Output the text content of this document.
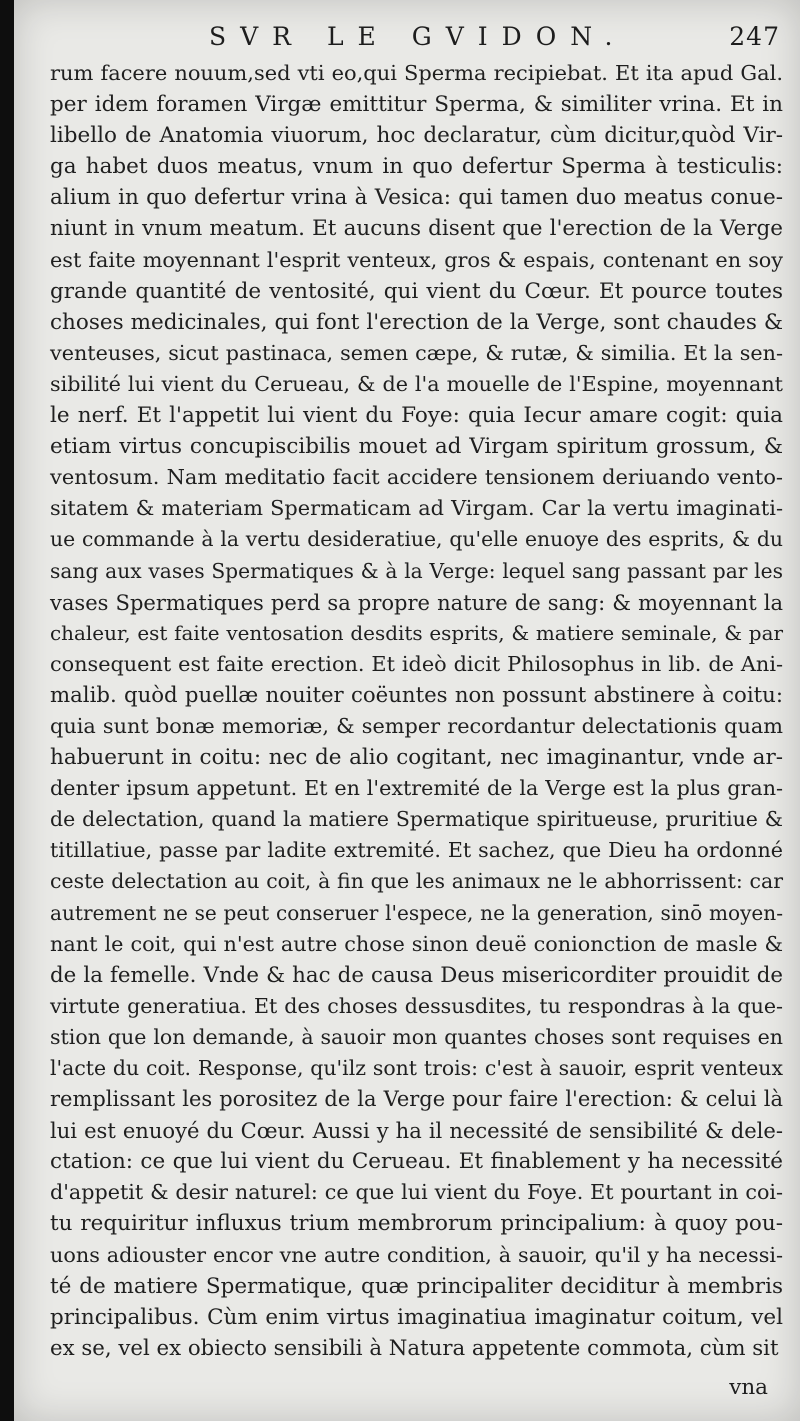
SVR LE GVIDON.	247
rum facere nouum,sed vti eo,qui Sperma recipiebat. Et ita apud Gal.
per idem foramen Virgæ emittitur Sperma, & similiter vrina. Et in
libello de Anatomia viuorum, hoc declaratur, cùm dicitur,quòd Vir-
ga habet duos meatus, vnum in quo defertur Sperma à testiculis:
alium in quo defertur vrina à Vesica: qui tamen duo meatus conue-
niunt in vnum meatum. Et aucuns disent que l'erection de la Verge
est faite moyennant l'esprit venteux, gros & espais, contenant en soy
grande quantité de ventosité, qui vient du Cœur. Et pource toutes
choses medicinales, qui font l'erection de la Verge, sont chaudes &
venteuses, sicut pastinaca, semen cæpe, & rutæ, & similia. Et la sen-
sibilité lui vient du Cerueau, & de l'a mouelle de l'Espine, moyennant
le nerf. Et l'appetit lui vient du Foye: quia Iecur amare cogit: quia
etiam virtus concupiscibilis mouet ad Virgam spiritum grossum, &
ventosum. Nam meditatio facit accidere tensionem deriuando vento-
sitatem & materiam Spermaticam ad Virgam. Car la vertu imaginati-
ue commande à la vertu desideratiue, qu'elle enuoye des esprits, & du
sang aux vases Spermatiques & à la Verge: lequel sang passant par les
vases Spermatiques perd sa propre nature de sang: & moyennant la
chaleur, est faite ventosation desdits esprits, & matiere seminale, & par
consequent est faite erection. Et ideò dicit Philosophus in lib. de Ani-
malib. quòd puellæ nouiter coëuntes non possunt abstinere à coitu:
quia sunt bonæ memoriæ, & semper recordantur delectationis quam
habuerunt in coitu: nec de alio cogitant, nec imaginantur, vnde ar-
denter ipsum appetunt. Et en l'extremité de la Verge est la plus gran-
de delectation, quand la matiere Spermatique spiritueuse, pruritiue &
titillatiue, passe par ladite extremité. Et sachez, que Dieu ha ordonné
ceste delectation au coit, à fin que les animaux ne le abhorrissent: car
autrement ne se peut conseruer l'espece, ne la generation, sinō moyen-
nant le coit, qui n'est autre chose sinon deuë conionction de masle &
de la femelle. Vnde & hac de causa Deus misericorditer prouidit de
virtute generatiua. Et des choses dessusdites, tu respondras à la que-
stion que lon demande, à sauoir mon quantes choses sont requises en
l'acte du coit. Response, qu'ilz sont trois: c'est à sauoir, esprit venteux
remplissant les porositez de la Verge pour faire l'erection: & celui là
lui est enuoyé du Cœur. Aussi y ha il necessité de sensibilité & dele-
ctation: ce que lui vient du Cerueau. Et finablement y ha necessité
d'appetit & desir naturel: ce que lui vient du Foye. Et pourtant in coi-
tu requiritur influxus trium membrorum principalium: à quoy pou-
uons adiouster encor vne autre condition, à sauoir, qu'il y ha necessi-
té de matiere Spermatique, quæ principaliter deciditur à membris
principalibus. Cùm enim virtus imaginatiua imaginatur coitum, vel
ex se, vel ex obiecto sensibili à Natura appetente commota, cùm sit
vna
